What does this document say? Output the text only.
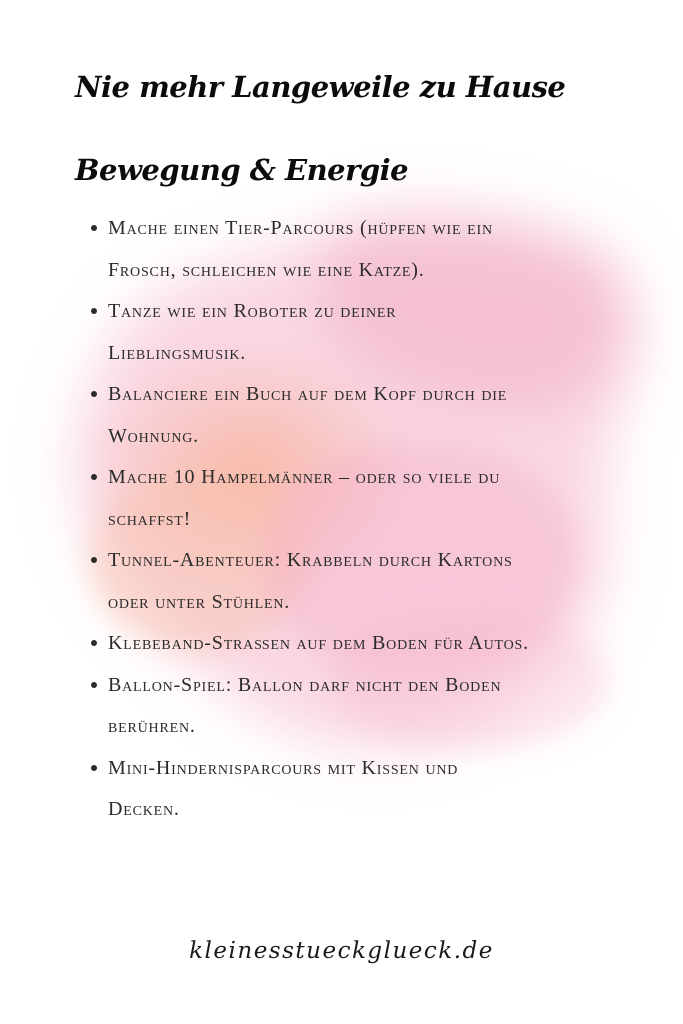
Nie mehr Langeweile zu Hause
Bewegung & Energie
Mache einen Tier-Parcours (hüpfen wie ein
Frosch, schleichen wie eine Katze).
Tanze wie ein Roboter zu deiner
Lieblingsmusik.
Balanciere ein Buch auf dem Kopf durch die
Wohnung.
Mache 10 Hampelmänner – oder so viele du
schaffst!
Tunnel-Abenteuer: Krabbeln durch Kartons
oder unter Stühlen.
Klebeband-Straßen auf dem Boden für Autos.
Ballon-Spiel: Ballon darf nicht den Boden
berühren.
Mini-Hindernisparcours mit Kissen und
Decken.
kleinesstueckglueck.de
